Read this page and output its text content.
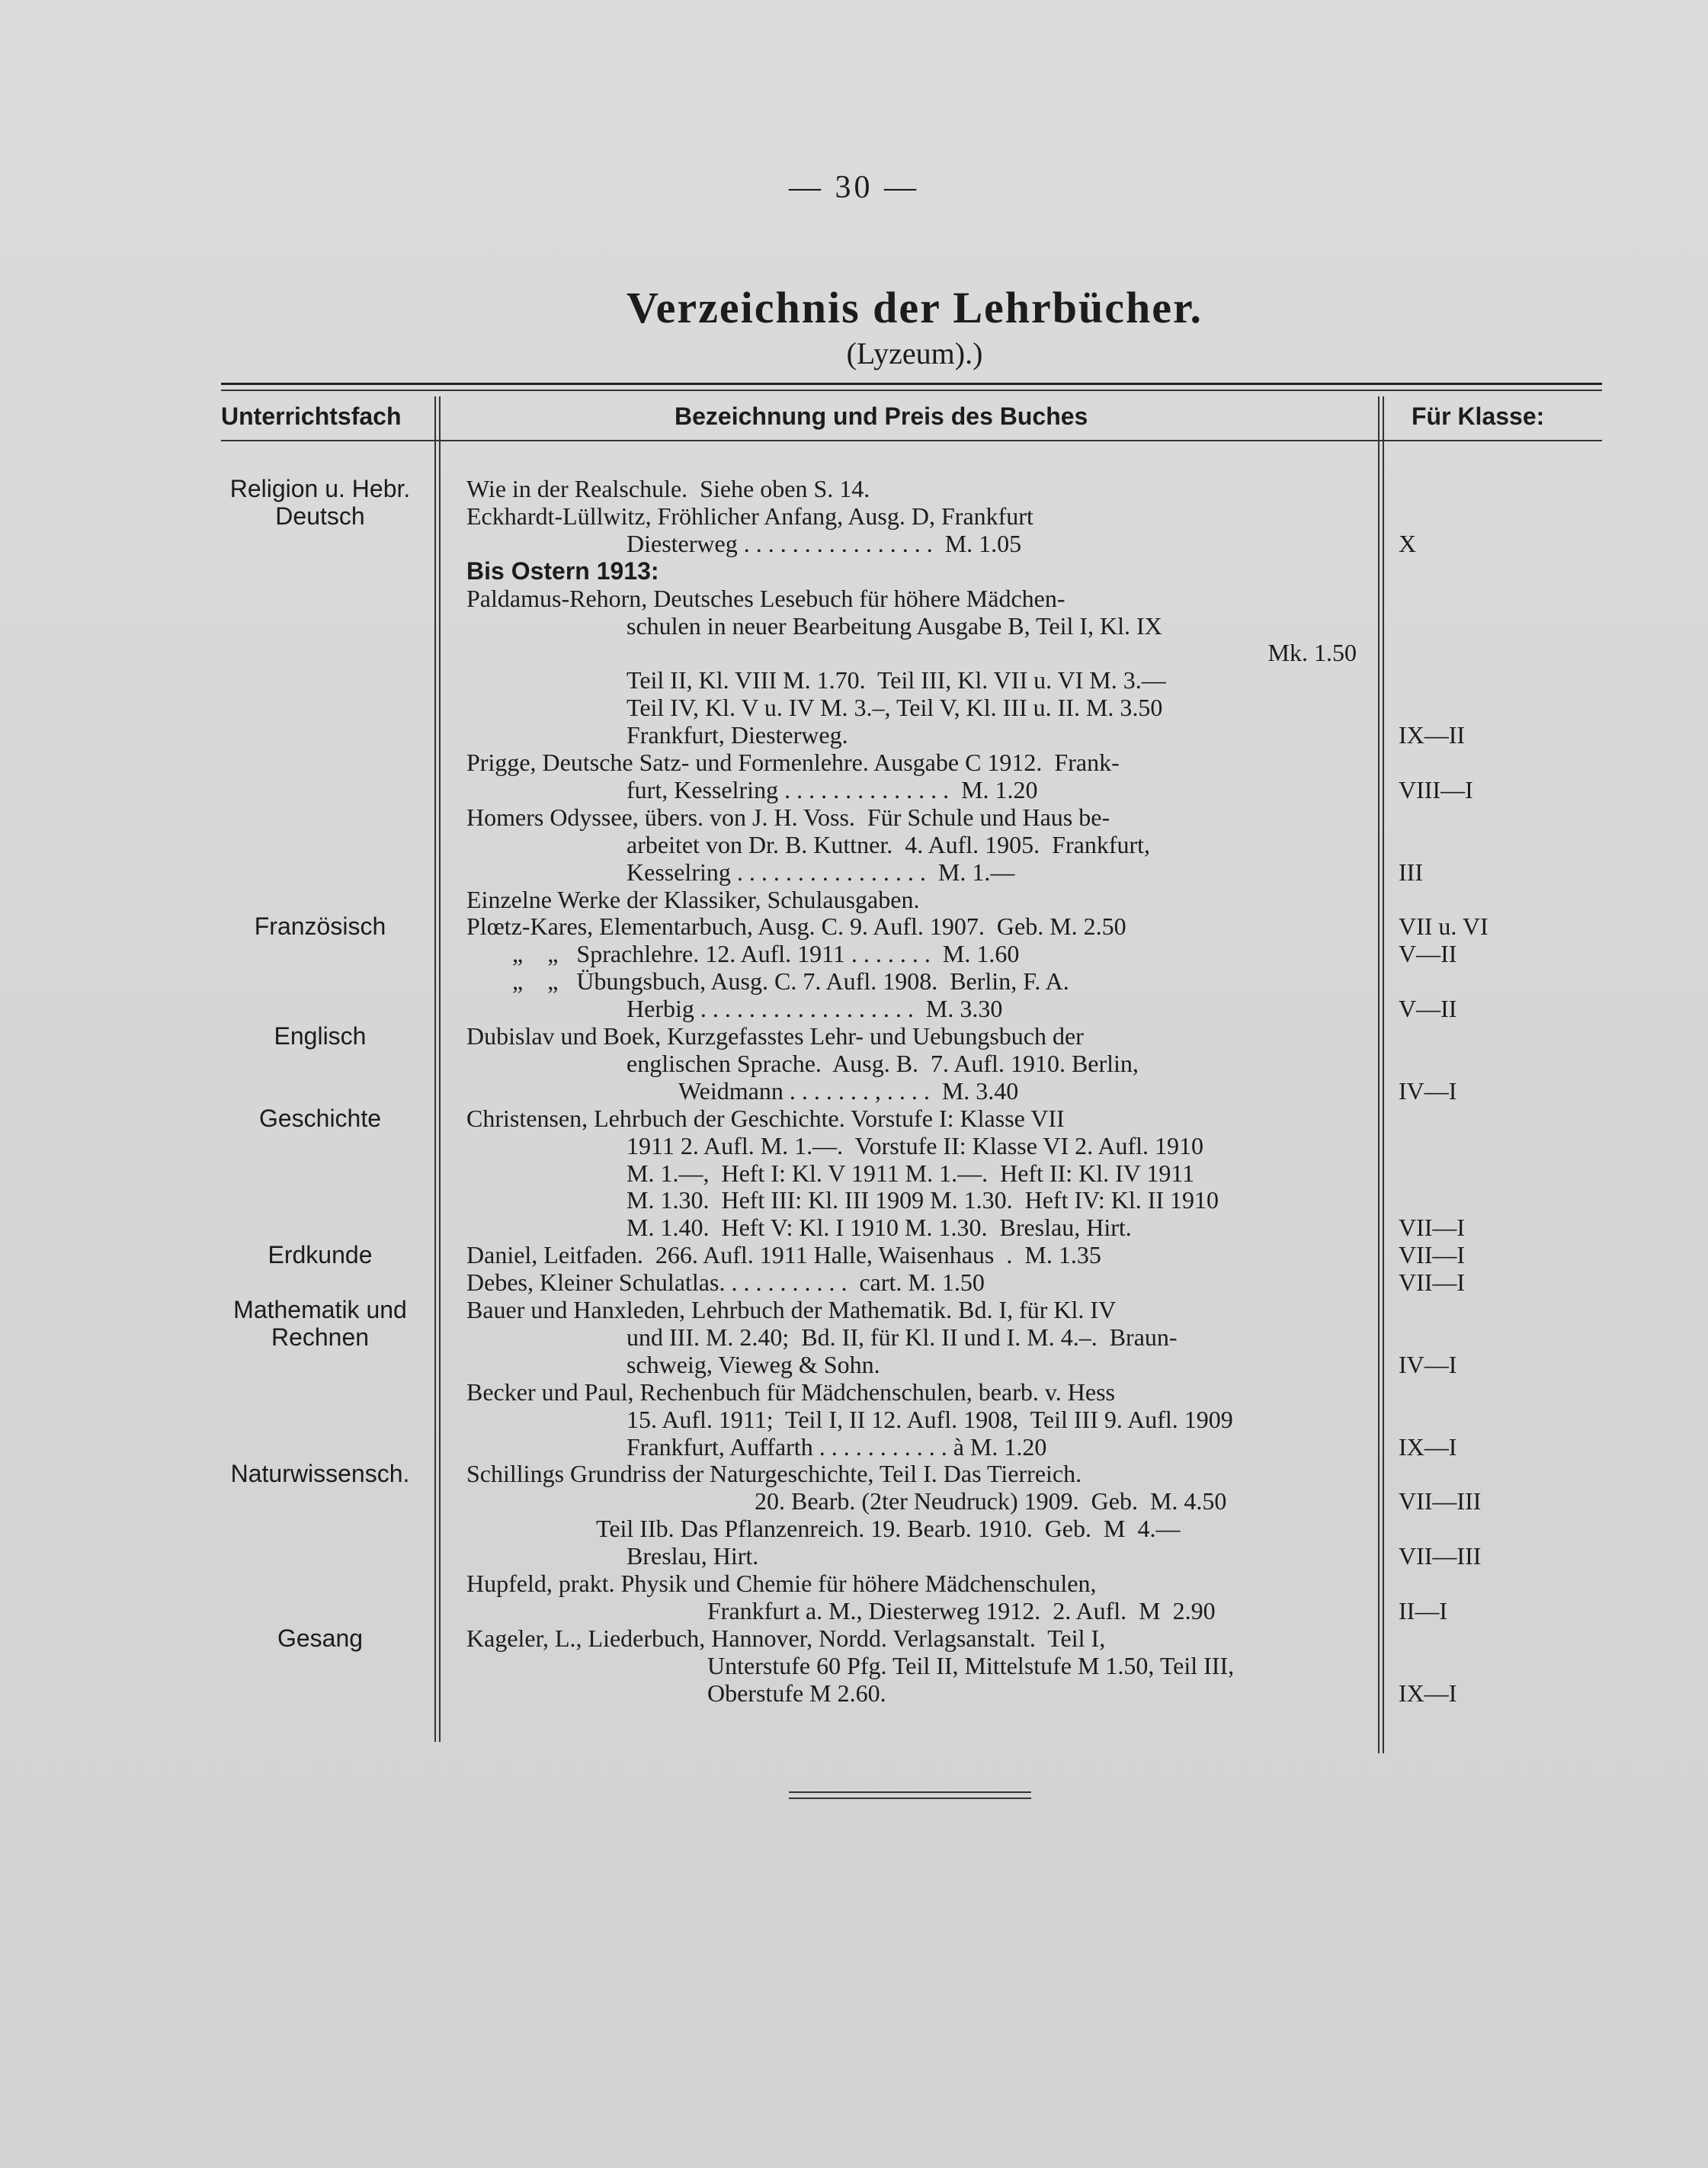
— 30 —
Verzeichnis der Lehrbücher.
(Lyzeum).)
Unterrichtsfach	Bezeichnung und Preis des Buches	Für Klasse:
Religion u. Hebr.	Wie in der Realschule.  Siehe oben S. 14.
Deutsch	Eckhardt-Lüllwitz, Fröhlicher Anfang, Ausg. D, Frankfurt
Diesterweg . . . . . . . . . . . . . . . .  M. 1.05	X
Bis Ostern 1913:
Paldamus-Rehorn, Deutsches Lesebuch für höhere Mädchen-
schulen in neuer Bearbeitung Ausgabe B, Teil I, Kl. IX
Mk. 1.50
Teil II, Kl. VIII M. 1.70.  Teil III, Kl. VII u. VI M. 3.—
Teil IV, Kl. V u. IV M. 3.–, Teil V, Kl. III u. II. M. 3.50
Frankfurt, Diesterweg.	IX—II
Prigge, Deutsche Satz- und Formenlehre. Ausgabe C 1912.  Frank-
furt, Kesselring . . . . . . . . . . . . . .  M. 1.20	VIII—I
Homers Odyssee, übers. von J. H. Voss.  Für Schule und Haus be-
arbeitet von Dr. B. Kuttner.  4. Aufl. 1905.  Frankfurt,
Kesselring . . . . . . . . . . . . . . . .  M. 1.—	III
Einzelne Werke der Klassiker, Schulausgaben.
Französisch	Plœtz-Kares, Elementarbuch, Ausg. C. 9. Aufl. 1907.  Geb. M. 2.50	VII u. VI
„    „   Sprachlehre. 12. Aufl. 1911 . . . . . . .  M. 1.60	V—II
„    „   Übungsbuch, Ausg. C. 7. Aufl. 1908.  Berlin, F. A.
Herbig . . . . . . . . . . . . . . . . . .  M. 3.30	V—II
Englisch	Dubislav und Boek, Kurzgefasstes Lehr- und Uebungsbuch der
englischen Sprache.  Ausg. B.  7. Aufl. 1910. Berlin,
Weidmann . . . . . . . , . . . .  M. 3.40	IV—I
Geschichte	Christensen, Lehrbuch der Geschichte. Vorstufe I: Klasse VII
1911 2. Aufl. M. 1.—.  Vorstufe II: Klasse VI 2. Aufl. 1910
M. 1.—,  Heft I: Kl. V 1911 M. 1.—.  Heft II: Kl. IV 1911
M. 1.30.  Heft III: Kl. III 1909 M. 1.30.  Heft IV: Kl. II 1910
M. 1.40.  Heft V: Kl. I 1910 M. 1.30.  Breslau, Hirt.	VII—I
Erdkunde	Daniel, Leitfaden.  266. Aufl. 1911 Halle, Waisenhaus  .  M. 1.35	VII—I
Debes, Kleiner Schulatlas. . . . . . . . . . .  cart. M. 1.50	VII—I
Mathematik und	Bauer und Hanxleden, Lehrbuch der Mathematik. Bd. I, für Kl. IV
Rechnen	und III. M. 2.40;  Bd. II, für Kl. II und I. M. 4.–.  Braun-
schweig, Vieweg & Sohn.	IV—I
Becker und Paul, Rechenbuch für Mädchenschulen, bearb. v. Hess
15. Aufl. 1911;  Teil I, II 12. Aufl. 1908,  Teil III 9. Aufl. 1909
Frankfurt, Auffarth . . . . . . . . . . . à M. 1.20	IX—I
Naturwissensch.	Schillings Grundriss der Naturgeschichte, Teil I. Das Tierreich.
20. Bearb. (2ter Neudruck) 1909.  Geb.  M. 4.50	VII—III
Teil IIb. Das Pflanzenreich. 19. Bearb. 1910.  Geb.  M  4.—
Breslau, Hirt.	VII—III
Hupfeld, prakt. Physik und Chemie für höhere Mädchenschulen,
Frankfurt a. M., Diesterweg 1912.  2. Aufl.  M  2.90	II—I
Gesang	Kageler, L., Liederbuch, Hannover, Nordd. Verlagsanstalt.  Teil I,
Unterstufe 60 Pfg. Teil II, Mittelstufe M 1.50, Teil III,
Oberstufe M 2.60.	IX—I
